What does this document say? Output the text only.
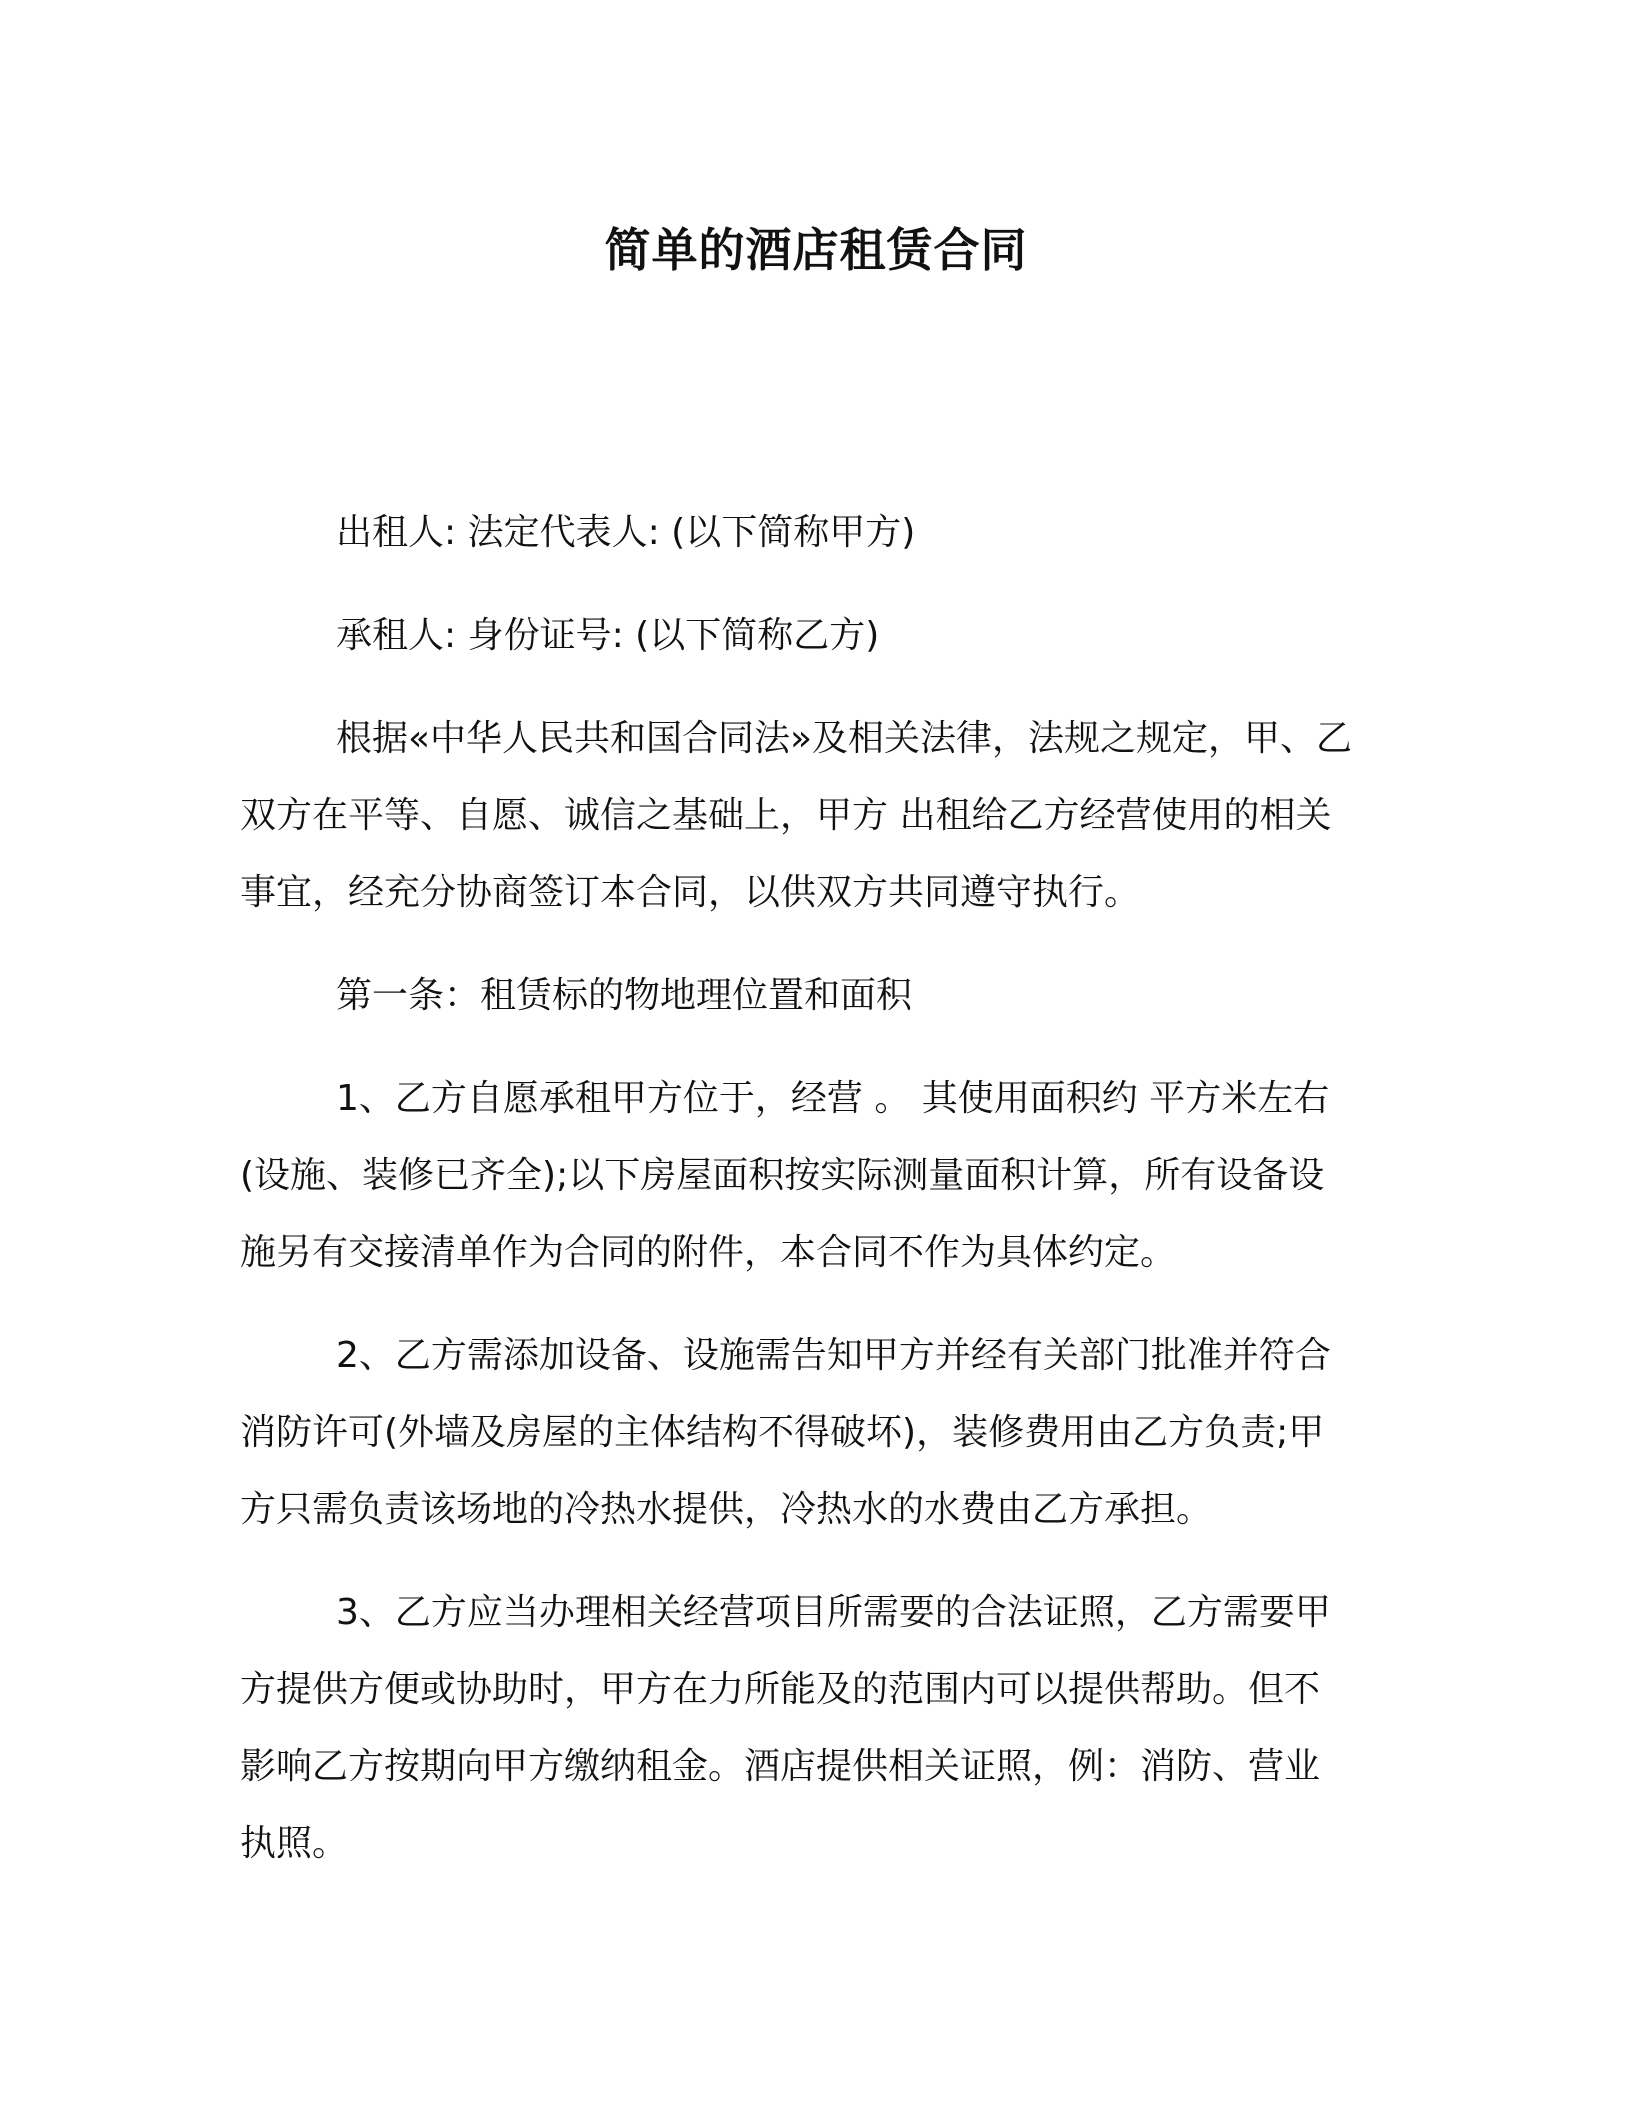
简单的酒店租赁合同
出租人: 法定代表人: (以下简称甲方)
承租人: 身份证号: (以下简称乙方)
根据«中华人民共和国合同法»及相关法律，法规之规定，甲、乙
双方在平等、自愿、诚信之基础上，甲方 出租给乙方经营使用的相关
事宜，经充分协商签订本合同，以供双方共同遵守执行。
第一条：租赁标的物地理位置和面积
1、乙方自愿承租甲方位于，经营 。 其使用面积约 平方米左右
(设施、装修已齐全);以下房屋面积按实际测量面积计算，所有设备设
施另有交接清单作为合同的附件，本合同不作为具体约定。
2、乙方需添加设备、设施需告知甲方并经有关部门批准并符合
消防许可(外墙及房屋的主体结构不得破坏)，装修费用由乙方负责;甲
方只需负责该场地的冷热水提供，冷热水的水费由乙方承担。
3、乙方应当办理相关经营项目所需要的合法证照，乙方需要甲
方提供方便或协助时，甲方在力所能及的范围内可以提供帮助。但不
影响乙方按期向甲方缴纳租金。酒店提供相关证照，例：消防、营业
执照。
